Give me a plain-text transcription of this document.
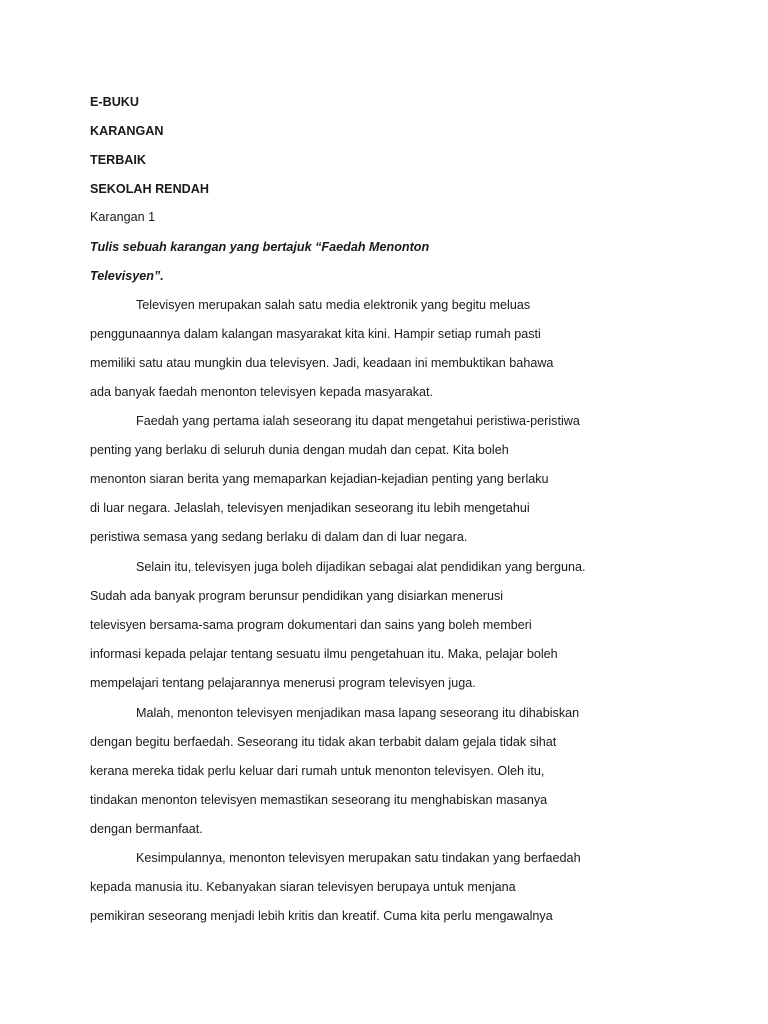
E-BUKU
KARANGAN
TERBAIK
SEKOLAH RENDAH
Karangan 1
Tulis sebuah karangan yang bertajuk “Faedah Menonton
Televisyen”.
Televisyen merupakan salah satu media elektronik yang begitu meluas
penggunaannya dalam kalangan masyarakat kita kini. Hampir setiap rumah pasti
memiliki satu atau mungkin dua televisyen. Jadi, keadaan ini membuktikan bahawa
ada banyak faedah menonton televisyen kepada masyarakat.
Faedah yang pertama ialah seseorang itu dapat mengetahui peristiwa-peristiwa
penting yang berlaku di seluruh dunia dengan mudah dan cepat. Kita boleh
menonton siaran berita yang memaparkan kejadian-kejadian penting yang berlaku
di luar negara. Jelaslah, televisyen menjadikan seseorang itu lebih mengetahui
peristiwa semasa yang sedang berlaku di dalam dan di luar negara.
Selain itu, televisyen juga boleh dijadikan sebagai alat pendidikan yang berguna.
Sudah ada banyak program berunsur pendidikan yang disiarkan menerusi
televisyen bersama-sama program dokumentari dan sains yang boleh memberi
informasi kepada pelajar tentang sesuatu ilmu pengetahuan itu. Maka, pelajar boleh
mempelajari tentang pelajarannya menerusi program televisyen juga.
Malah, menonton televisyen menjadikan masa lapang seseorang itu dihabiskan
dengan begitu berfaedah. Seseorang itu tidak akan terbabit dalam gejala tidak sihat
kerana mereka tidak perlu keluar dari rumah untuk menonton televisyen. Oleh itu,
tindakan menonton televisyen memastikan seseorang itu menghabiskan masanya
dengan bermanfaat.
Kesimpulannya, menonton televisyen merupakan satu tindakan yang berfaedah
kepada manusia itu. Kebanyakan siaran televisyen berupaya untuk menjana
pemikiran seseorang menjadi lebih kritis dan kreatif. Cuma kita perlu mengawalnya
